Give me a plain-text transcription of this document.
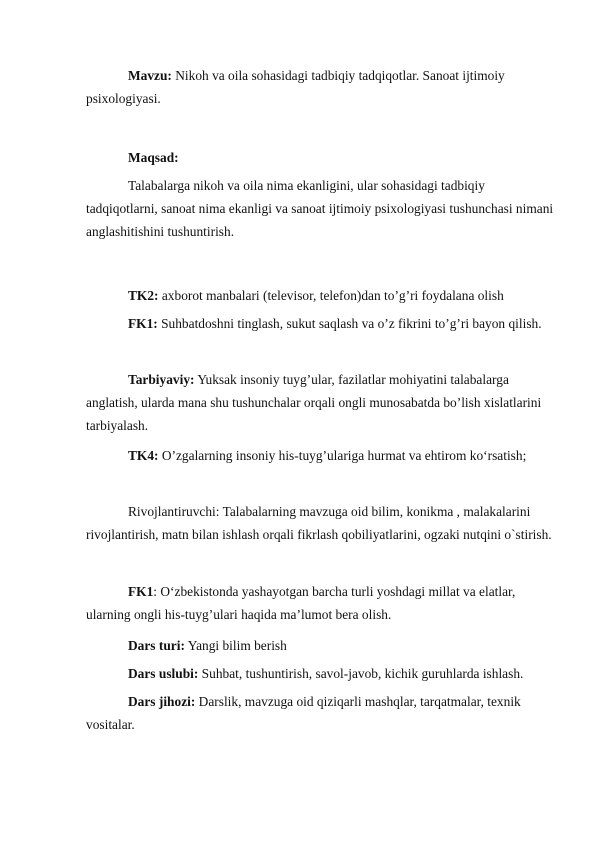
Mavzu: Nikoh va oila sohasidagi tadbiqiy tadqiqotlar. Sanoat ijtimoiy psixologiyasi.

Maqsad:

Talabalarga nikoh va oila nima ekanligini, ular sohasidagi tadbiqiy tadqiqotlarni, sanoat nima ekanligi va sanoat ijtimoiy psixologiyasi tushunchasi nimani anglashitishini tushuntirish.

TK2: axborot manbalari (televisor, telefon)dan to’g’ri foydalana olish

FK1: Suhbatdoshni tinglash, sukut saqlash va o’z fikrini to’g’ri bayon qilish.

Tarbiyaviy: Yuksak insoniy tuyg’ular, fazilatlar mohiyatini talabalarga anglatish, ularda mana shu tushunchalar orqali ongli munosabatda bo’lish xislatlarini tarbiyalash.

TK4: O’zgalarning insoniy his-tuyg’ulariga hurmat va ehtirom ko‘rsatish;

Rivojlantiruvchi: Talabalarning mavzuga oid bilim, konikma , malakalarini rivojlantirish, matn bilan ishlash orqali fikrlash qobiliyatlarini, ogzaki nutqini o`stirish.

FK1: O‘zbekistonda yashayotgan barcha turli yoshdagi millat va elatlar, ularning ongli his-tuyg’ulari haqida ma’lumot bera olish.

Dars turi: Yangi bilim berish

Dars uslubi: Suhbat, tushuntirish, savol-javob, kichik guruhlarda ishlash.

Dars jihozi: Darslik, mavzuga oid qiziqarli mashqlar, tarqatmalar, texnik vositalar.
